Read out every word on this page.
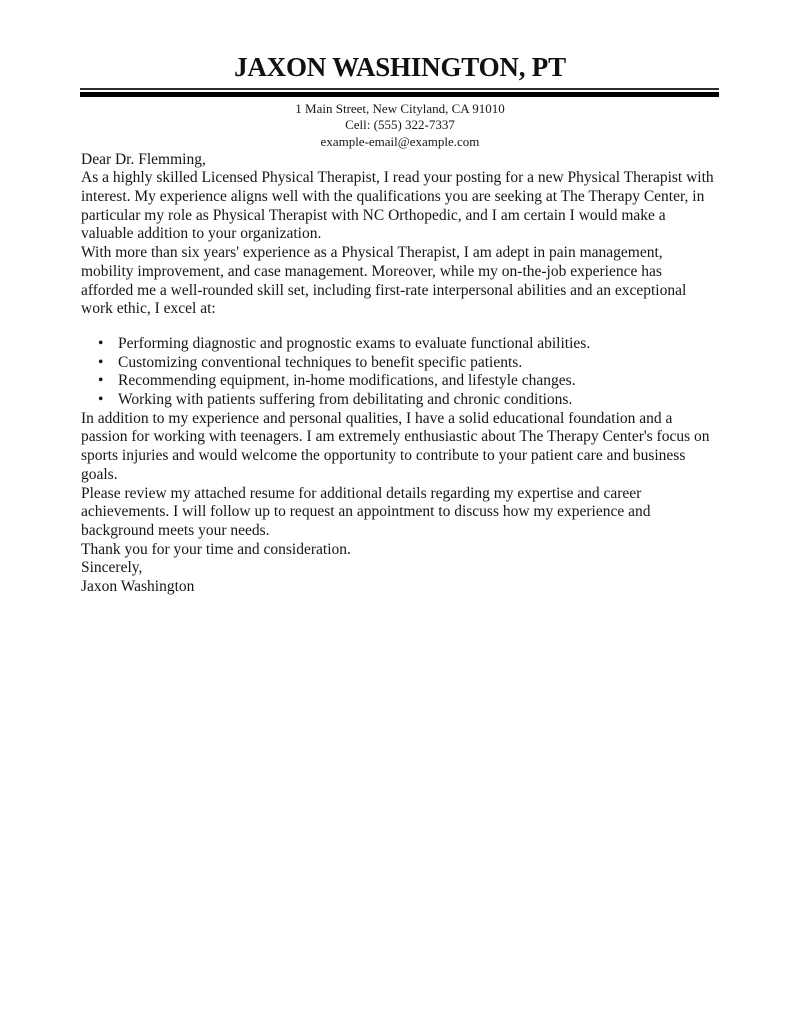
JAXON WASHINGTON, PT
1 Main Street, New Cityland, CA 91010
Cell: (555) 322-7337
example-email@example.com

Dear Dr. Flemming,

As a highly skilled Licensed Physical Therapist, I read your posting for a new Physical Therapist with interest. My experience aligns well with the qualifications you are seeking at The Therapy Center, in particular my role as Physical Therapist with NC Orthopedic, and I am certain I would make a valuable addition to your organization.

With more than six years' experience as a Physical Therapist, I am adept in pain management, mobility improvement, and case management. Moreover, while my on-the-job experience has afforded me a well-rounded skill set, including first-rate interpersonal abilities and an exceptional work ethic, I excel at:

• Performing diagnostic and prognostic exams to evaluate functional abilities.
• Customizing conventional techniques to benefit specific patients.
• Recommending equipment, in-home modifications, and lifestyle changes.
• Working with patients suffering from debilitating and chronic conditions.

In addition to my experience and personal qualities, I have a solid educational foundation and a passion for working with teenagers. I am extremely enthusiastic about The Therapy Center's focus on sports injuries and would welcome the opportunity to contribute to your patient care and business goals.

Please review my attached resume for additional details regarding my expertise and career achievements. I will follow up to request an appointment to discuss how my experience and background meets your needs.

Thank you for your time and consideration.

Sincerely,

Jaxon Washington
